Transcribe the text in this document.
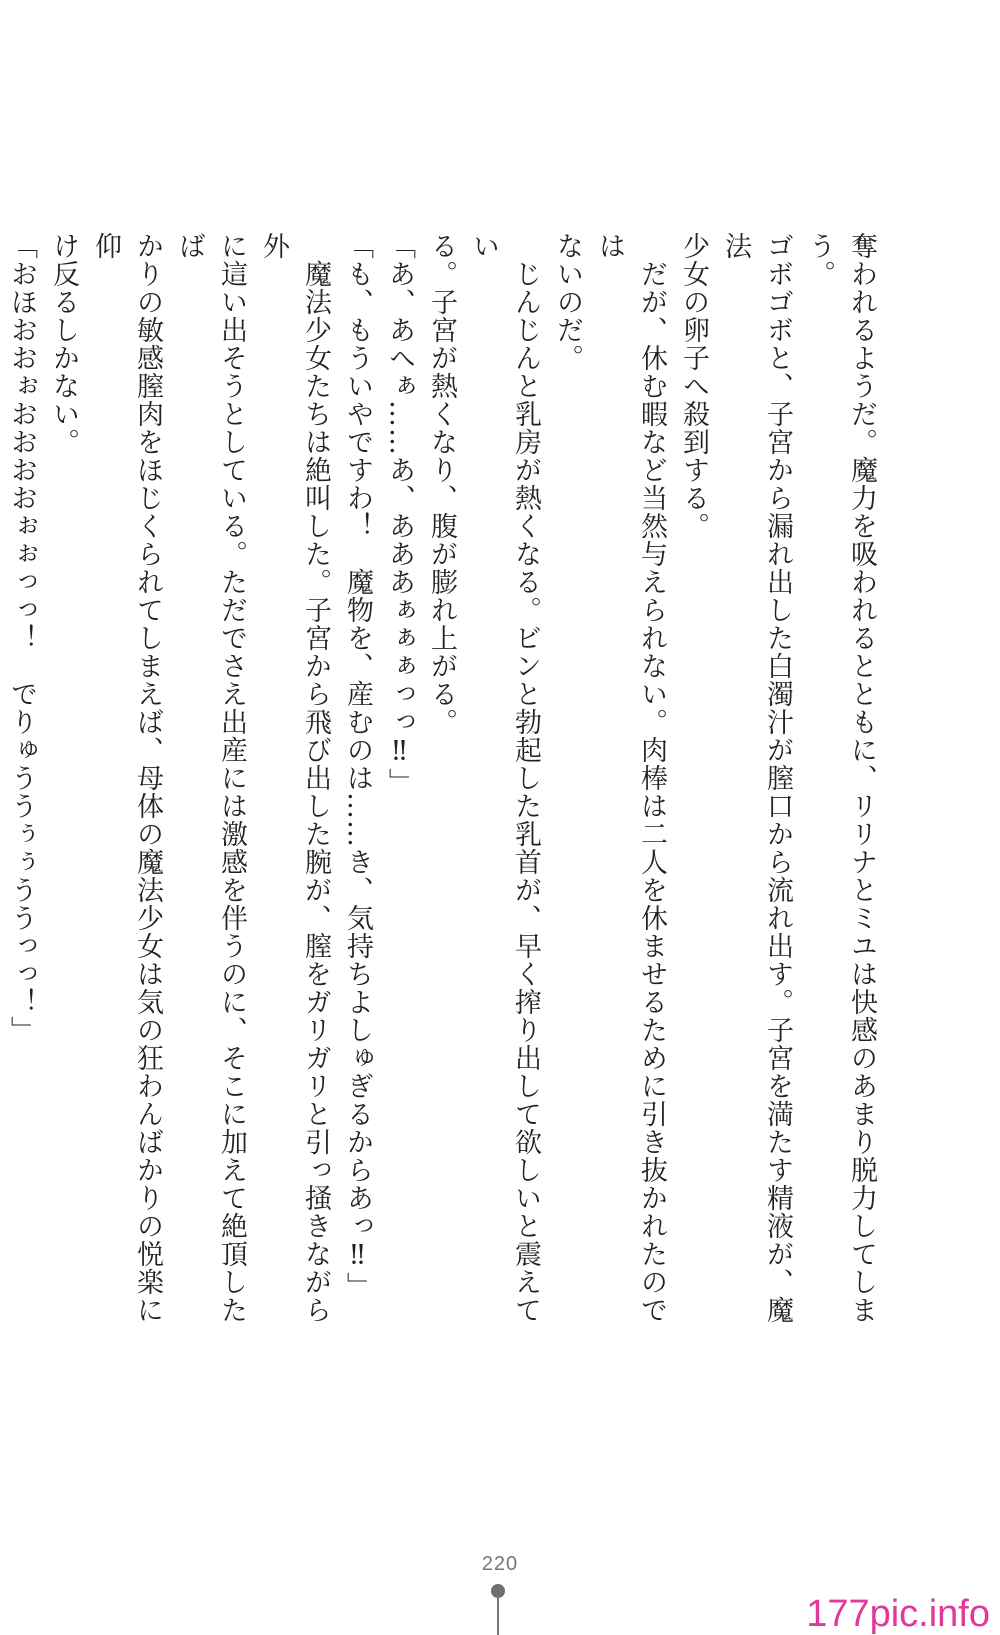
奪われるようだ。魔力を吸われるとともに、リリナとミユは快感のあまり脱力してしまう。

ゴボゴボと、子宮から漏れ出した白濁汁が膣口から流れ出す。子宮を満たす精液が、魔法

少女の卵子へ殺到する。

　だが、休む暇など当然与えられない。肉棒は二人を休ませるために引き抜かれたのでは

ないのだ。

　じんじんと乳房が熱くなる。ビンと勃起した乳首が、早く搾り出して欲しいと震えてい

る。子宮が熱くなり、腹が膨れ上がる。

「あ、あへぁ……あ、あああぁぁぁっっ‼」

「も、もういやですわ！　魔物を、産むのは……き、気持ちよしゅぎるからあっ‼」

　魔法少女たちは絶叫した。子宮から飛び出した腕が、膣をガリガリと引っ掻きながら外

に這い出そうとしている。ただでさえ出産には激感を伴うのに、そこに加えて絶頂したば

かりの敏感膣肉をほじくられてしまえば、母体の魔法少女は気の狂わんばかりの悦楽に仰

け反るしかない。

「おほおおぉおおおおぉぉっっ！　でりゅううぅぅううっっ！」

220
177pic.info
